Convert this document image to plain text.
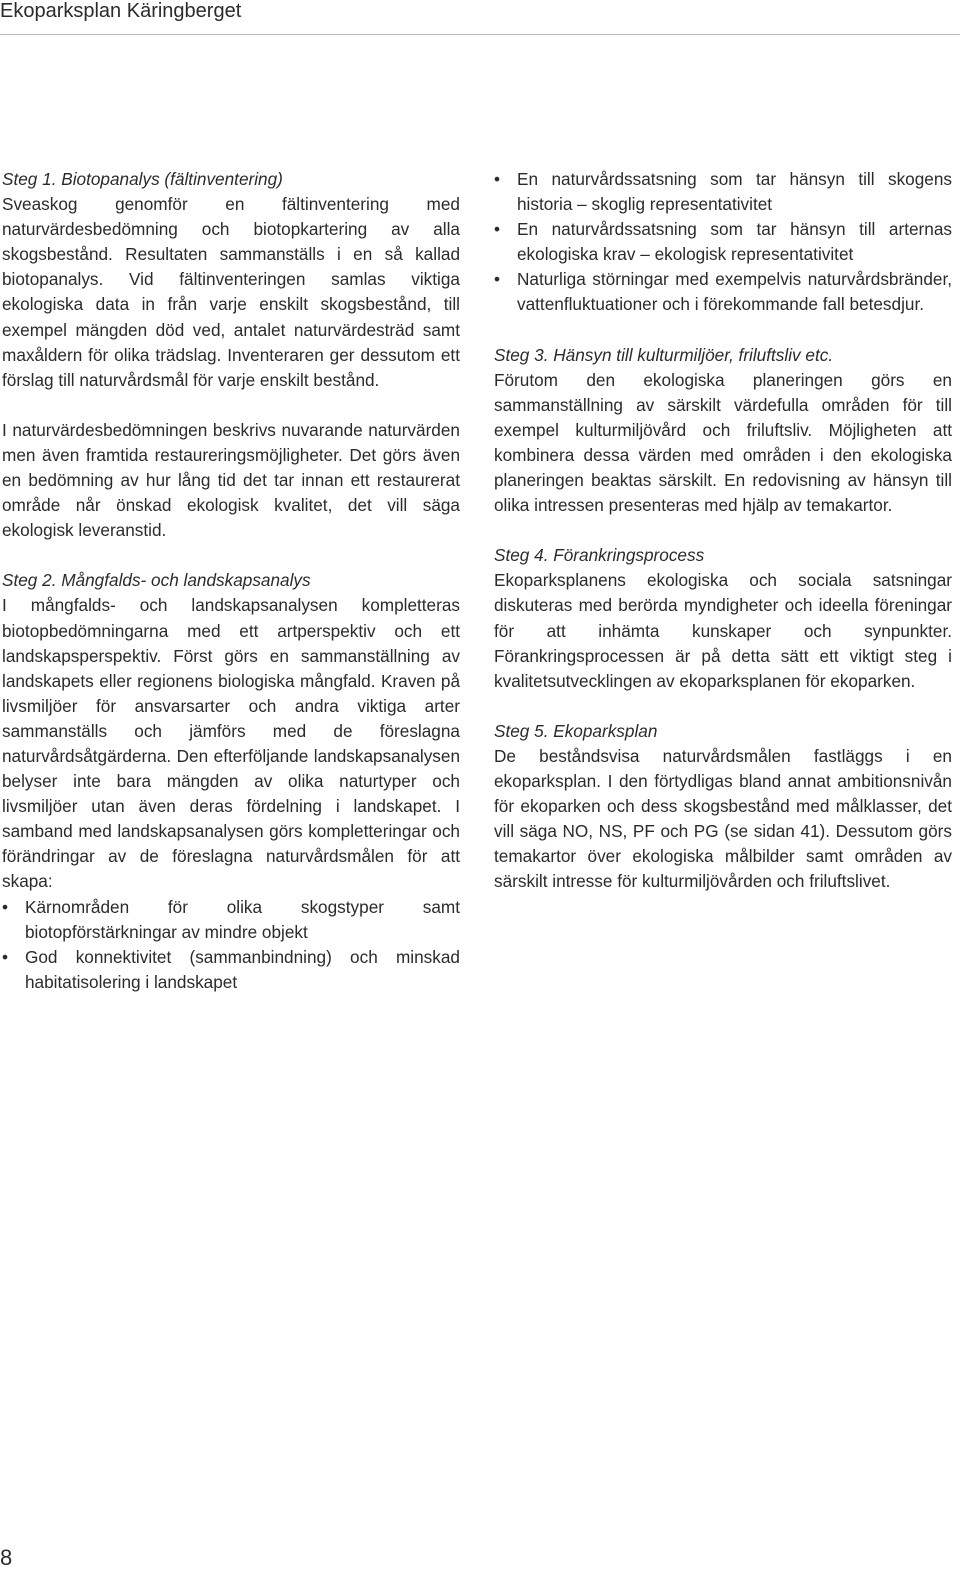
Ekoparksplan Käringberget
Steg 1. Biotopanalys (fältinventering)

Sveaskog genomför en fältinventering med naturvärdesbedömning och biotopkartering av alla skogsbestånd. Resultaten sammanställs i en så kallad biotopanalys. Vid fältinventeringen samlas viktiga ekologiska data in från varje enskilt skogsbestånd, till exempel mängden död ved, antalet naturvärdesträd samt maxåldern för olika trädslag. Inventeraren ger dessutom ett förslag till naturvårdsmål för varje enskilt bestånd.

I naturvärdesbedömningen beskrivs nuvarande naturvärden men även framtida restaureringsmöjligheter. Det görs även en bedömning av hur lång tid det tar innan ett restaurerat område når önskad ekologisk kvalitet, det vill säga ekologisk leveranstid.

Steg 2. Mångfalds- och landskapsanalys

I mångfalds- och landskapsanalysen kompletteras biotopbedömningarna med ett artperspektiv och ett landskapsperspektiv. Först görs en sammanställning av landskapets eller regionens biologiska mångfald. Kraven på livsmiljöer för ansvarsarter och andra viktiga arter sammanställs och jämförs med de föreslagna naturvårdsåtgärderna. Den efterföljande landskapsanalysen belyser inte bara mängden av olika naturtyper och livsmiljöer utan även deras fördelning i landskapet. I samband med landskapsanalysen görs kompletteringar och förändringar av de föreslagna naturvårdsmålen för att skapa:

• Kärnområden för olika skogstyper samt biotopförstärkningar av mindre objekt
• God konnektivitet (sammanbindning) och minskad habitatisolering i landskapet
• En naturvårdssatsning som tar hänsyn till skogens historia – skoglig representativitet
• En naturvårdssatsning som tar hänsyn till arternas ekologiska krav – ekologisk representativitet
• Naturliga störningar med exempelvis naturvårdsbränder, vattenfluktuationer och i förekommande fall betesdjur.
Steg 3. Hänsyn till kulturmiljöer, friluftsliv etc.

Förutom den ekologiska planeringen görs en sammanställning av särskilt värdefulla områden för till exempel kulturmiljövård och friluftsliv. Möjligheten att kombinera dessa värden med områden i den ekologiska planeringen beaktas särskilt. En redovisning av hänsyn till olika intressen presenteras med hjälp av temakartor.

Steg 4. Förankringsprocess

Ekoparksplanens ekologiska och sociala satsningar diskuteras med berörda myndigheter och ideella föreningar för att inhämta kunskaper och synpunkter. Förankringsprocessen är på detta sätt ett viktigt steg i kvalitetsutvecklingen av ekoparksplanen för ekoparken.

Steg 5. Ekoparksplan

De beståndsvisa naturvårdsmålen fastläggs i en ekoparksplan. I den förtydligas bland annat ambitionsnivån för ekoparken och dess skogsbestånd med målklasser, det vill säga NO, NS, PF och PG (se sidan 41). Dessutom görs temakartor över ekologiska målbilder samt områden av särskilt intresse för kulturmiljövården och friluftslivet.

8
